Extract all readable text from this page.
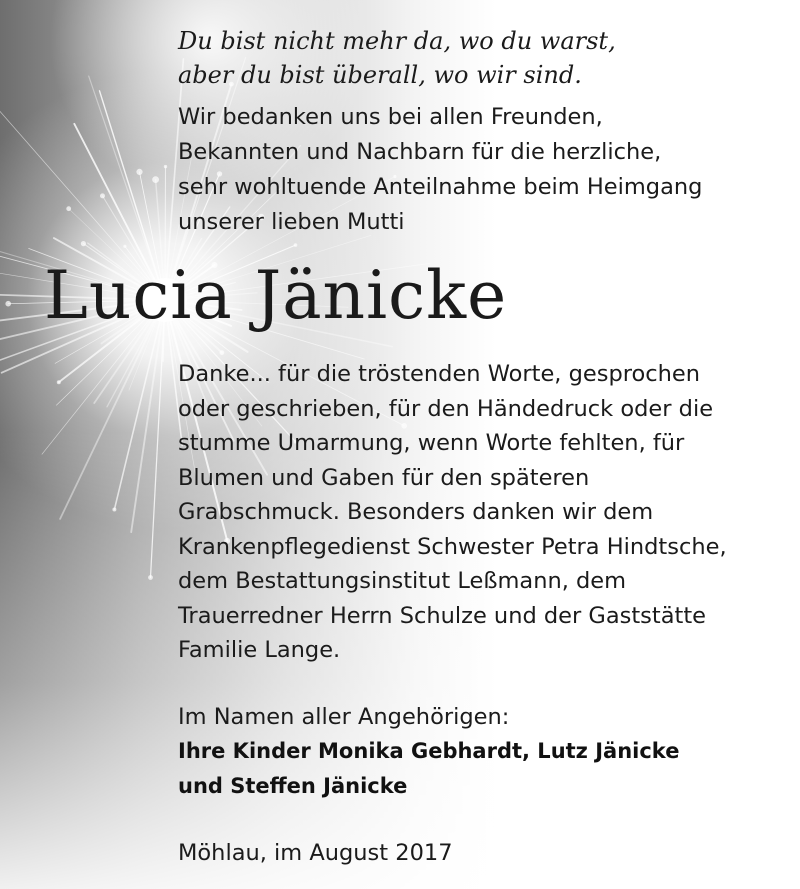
Du bist nicht mehr da, wo du warst,
aber du bist überall, wo wir sind.
Wir bedanken uns bei allen Freunden,
Bekannten und Nachbarn für die herzliche,
sehr wohltuende Anteilnahme beim Heimgang
unserer lieben Mutti
Lucia Jänicke
Danke... für die tröstenden Worte, gesprochen
oder geschrieben, für den Händedruck oder die
stumme Umarmung, wenn Worte fehlten, für
Blumen und Gaben für den späteren
Grabschmuck. Besonders danken wir dem
Krankenpflegedienst Schwester Petra Hindtsche,
dem Bestattungsinstitut Leßmann, dem
Trauerredner Herrn Schulze und der Gaststätte
Familie Lange.
Im Namen aller Angehörigen:
Ihre Kinder Monika Gebhardt, Lutz Jänicke
und Steffen Jänicke
Möhlau, im August 2017
